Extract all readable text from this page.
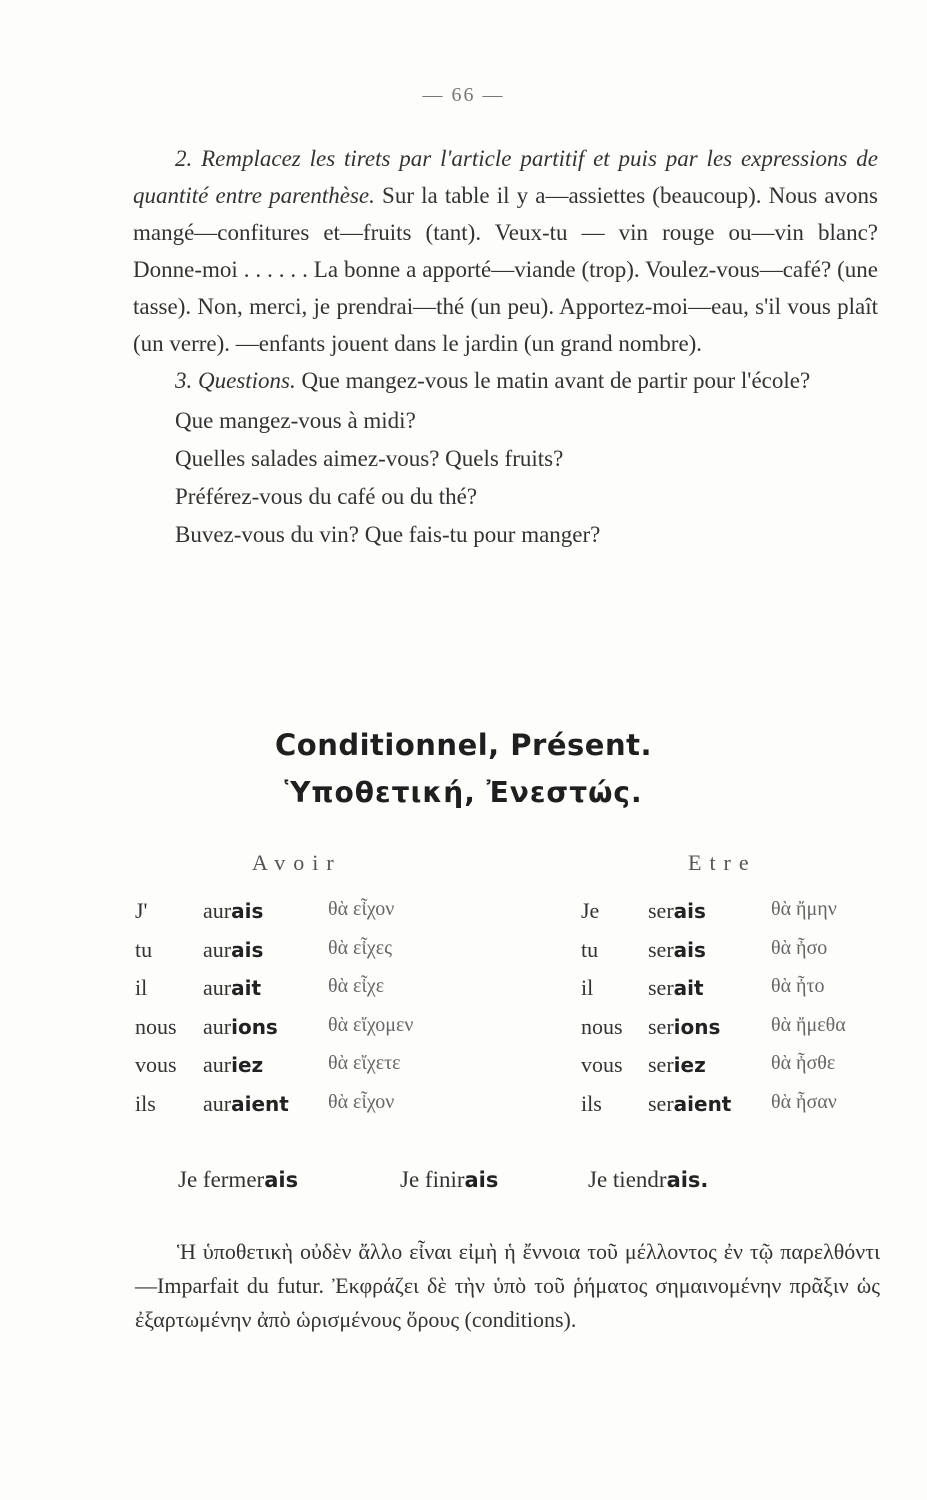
— 66 —

2. Remplacez les tirets par l'article partitif et puis par les expressions de quantité entre parenthèse. Sur la table il y a—assiettes (beaucoup). Nous avons mangé—confitures et—fruits (tant). Veux-tu — vin rouge ou—vin blanc? Donne-moi . . . . . . La bonne a apporté—viande (trop). Voulez-vous—café? (une tasse). Non, merci, je prendrai—thé (un peu). Apportez-moi—eau, s'il vous plaît (un verre). —enfants jouent dans le jardin (un grand nombre).

3. Questions. Que mangez-vous le matin avant de partir pour l'école?

Que mangez-vous à midi?

Quelles salades aimez-vous? Quels fruits?

Préférez-vous du café ou du thé?

Buvez-vous du vin? Que fais-tu pour manger?

Conditionnel, Présent.
Ὑποθετική, Ἐνεστώς.
Avoir	Etre
J'	aurais	θὰ εἶχον
tu aurais	θὰ εἶχες
il	aurait	θὰ εἶχε
nous aurions	θὰ εἴχομεν
vous auriez	θὰ εἴχετε
ils auraient θὰ εἶχον
Je serais	θὰ ἤμην
tu serais	θὰ ἦσο
il serait	θὰ ἦτο
nous serions	θὰ ἤμεθα
vous seriez	θὰ ἦσθε
ils seraient θὰ ἦσαν
Je fermerais	Je finirais	Je tiendrais.

Ἡ ὑποθετικὴ οὐδὲν ἄλλο εἶναι εἰμὴ ἡ ἔννοια τοῦ μέλλοντος ἐν τῷ παρελθόντι—Imparfait du futur. Ἐκφράζει δὲ τὴν ὑπὸ τοῦ ῥήματος σημαινομένην πρᾶξιν ὡς ἐξαρτωμένην ἀπὸ ὡρισμένους ὅρους (conditions).
